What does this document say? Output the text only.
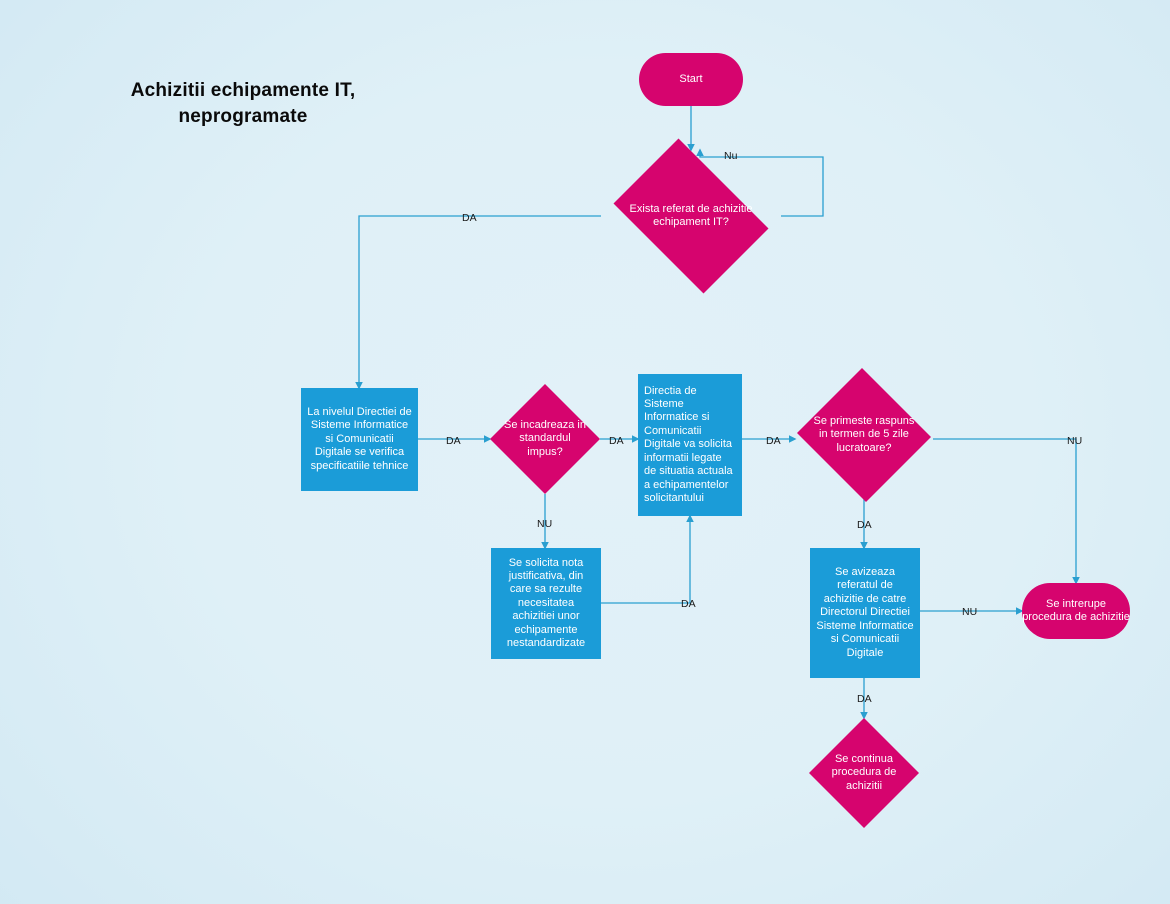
Achizitii echipamente IT,
neprogramate
Start
Exista referat de achizitie echipament IT?
La nivelul Directiei de Sisteme Informatice si Comunicatii Digitale se verifica specificatiile tehnice
Se incadreaza in standardul impus?
Se solicita nota justificativa, din care sa rezulte necesitatea achizitiei unor echipamente nestandardizate
Directia de Sisteme Informatice si Comunicatii Digitale va solicita informatii legate de situatia actuala a echipamentelor solicitantului
Se primeste raspuns in termen de 5 zile lucratoare?
Se avizeaza referatul de achizitie de catre Directorul Directiei Sisteme Informatice si Comunicatii Digitale
Se intrerupe procedura de achizitie
Se continua procedura de achizitii
Nu
DA
DA	DA
NU
DA
DA	NU
DA
NU
DA
